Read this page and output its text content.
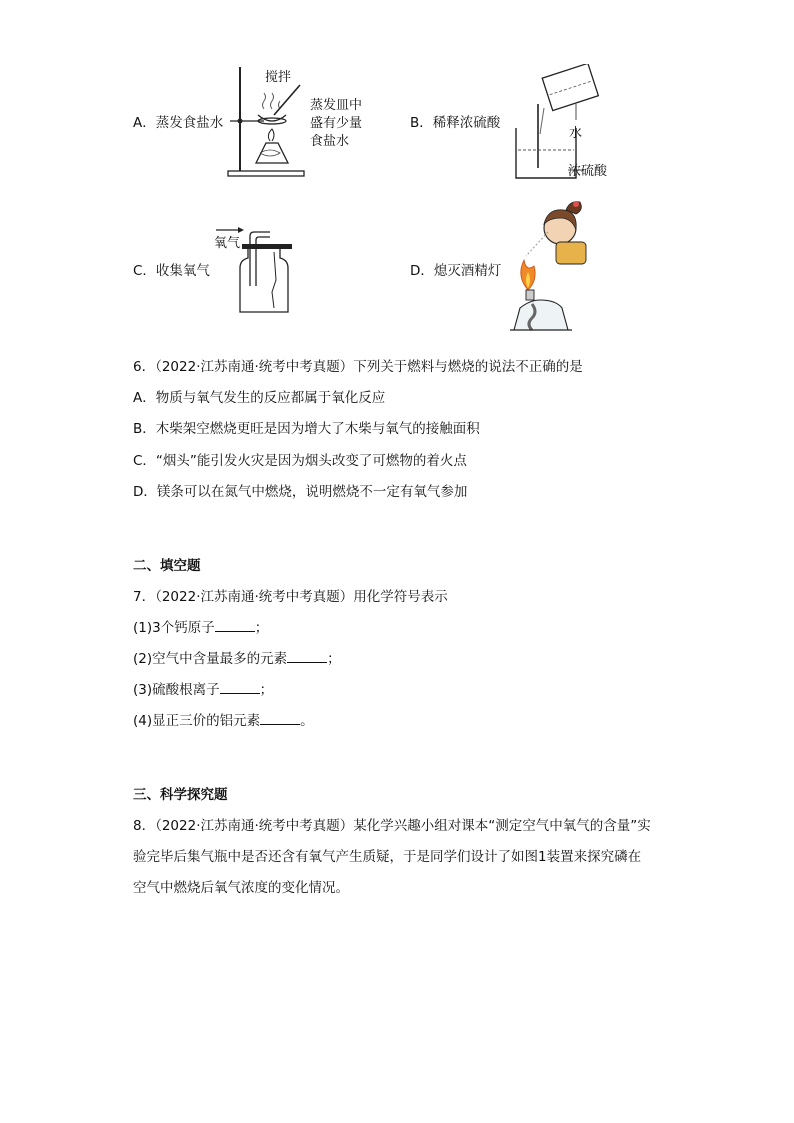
A．蒸发食盐水
搅拌
蒸发皿中
盛有少量
食盐水
B．稀释浓硫酸
水
浓硫酸
C．收集氧气
氧气
D．熄灭酒精灯
6．（2022·江苏南通·统考中考真题）下列关于燃料与燃烧的说法不正确的是
A．物质与氧气发生的反应都属于氧化反应
B．木柴架空燃烧更旺是因为增大了木柴与氧气的接触面积
C．“烟头”能引发火灾是因为烟头改变了可燃物的着火点
D．镁条可以在氮气中燃烧，说明燃烧不一定有氧气参加
二、填空题
7．（2022·江苏南通·统考中考真题）用化学符号表示
(1)3个钙原子	；
(2)空气中含量最多的元素	；
(3)硫酸根离子	；
(4)显正三价的铝元素	。
三、科学探究题
8．（2022·江苏南通·统考中考真题）某化学兴趣小组对课本“测定空气中氧气的含量”实
验完毕后集气瓶中是否还含有氧气产生质疑，于是同学们设计了如图1装置来探究磷在
空气中燃烧后氧气浓度的变化情况。
